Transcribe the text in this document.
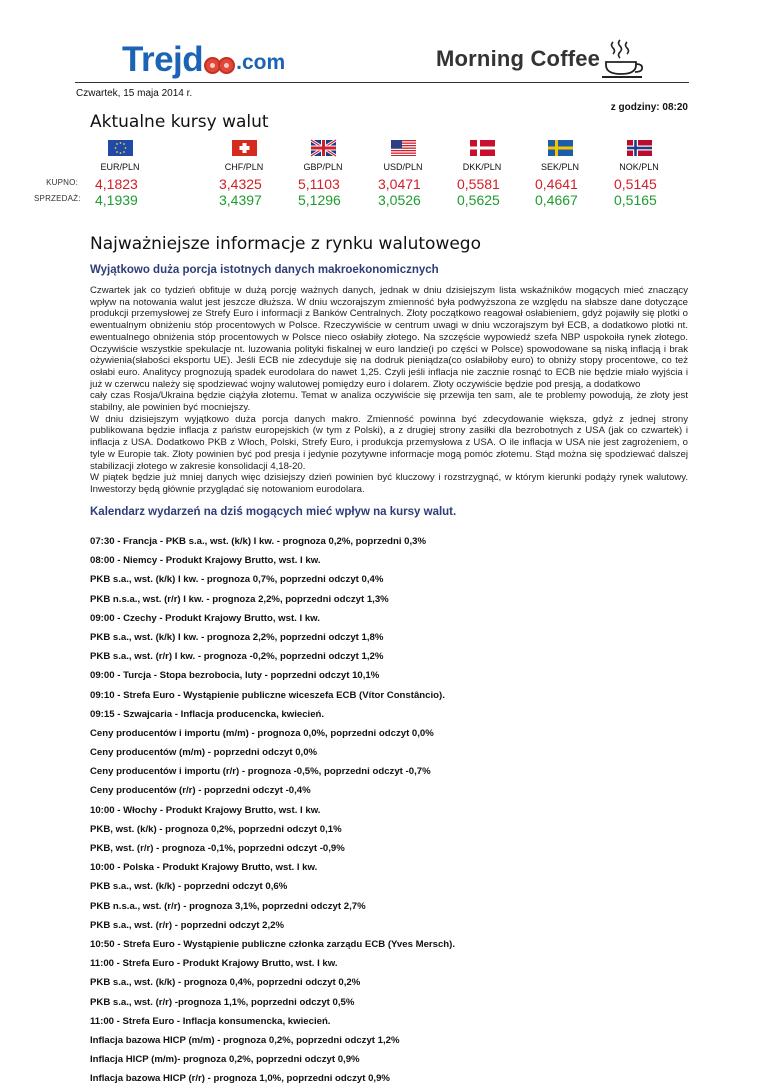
Trejd .com	Morning Coffee
Czwartek, 15 maja 2014 r.
z godziny: 08:20
Aktualne kursy walut
KUPNO:
SPRZEDAŻ:
EUR/PLN
4,1823
4,1939
CHF/PLN
3,4325
3,4397
GBP/PLN
5,1103
5,1296
USD/PLN
3,0471
3,0526
DKK/PLN
0,5581
0,5625
SEK/PLN
0,4641
0,4667
NOK/PLN
0,5145
0,5165
Najważniejsze informacje z rynku walutowego
Wyjątkowo duża porcja istotnych danych makroekonomicznych

Czwartek jak co tydzień obfituje w dużą porcję ważnych danych, jednak w dniu dzisiejszym lista wskaźników mogących mieć znaczący wpływ na notowania walut jest jeszcze dłuższa. W dniu wczorajszym zmienność była podwyższona ze względu na słabsze dane dotyczące produkcji przemysłowej ze Strefy Euro i informacji z Banków Centralnych. Złoty początkowo reagował osłabieniem, gdyż pojawiły się plotki o ewentualnym obniżeniu stóp procentowych w Polsce. Rzeczywiście w centrum uwagi w dniu wczorajszym był ECB, a dodatkowo plotki nt. ewentualnego obniżenia stóp procentowych w Polsce nieco osłabiły złotego. Na szczęście wypowiedź szefa NBP uspokoiła rynek złotego. Oczywiście wszystkie spekulacje nt. luzowania polityki fiskalnej w euro landzie(i po części w Polsce) spowodowane są niską inflacją i brak ożywienia(słabości eksportu UE). Jeśli ECB nie zdecyduje się na dodruk pieniądza(co osłabiłoby euro) to obniży stopy procentowe, co też osłabi euro. Analitycy prognozują spadek eurodolara do nawet 1,25. Czyli jeśli inflacja nie zacznie rosnąć to ECB nie będzie miało wyjścia i już w czerwcu należy się spodziewać wojny walutowej pomiędzy euro i dolarem. Złoty oczywiście będzie pod presją, a dodatkowo

cały czas Rosja/Ukraina będzie ciążyła złotemu. Temat w analiza oczywiście się przewija ten sam, ale te problemy powodują, że złoty jest stabilny, ale powinien być mocniejszy.

W dniu dzisiejszym wyjątkowo duża porcja danych makro. Zmienność powinna być zdecydowanie większa, gdyż z jednej strony publikowana będzie inflacja z państw europejskich (w tym z Polski), a z drugiej strony zasiłki dla bezrobotnych z USA (jak co czwartek) i inflacja z USA. Dodatkowo PKB z Włoch, Polski, Strefy Euro, i produkcja przemysłowa z USA. O ile inflacja w USA nie jest zagrożeniem, o tyle w Europie tak. Złoty powinien być pod presja i jedynie pozytywne informacje mogą pomóc złotemu. Stąd można się spodziewać dalszej stabilizacji złotego w zakresie konsolidacji 4,18-20.

W piątek będzie już mniej danych więc dzisiejszy dzień powinien być kluczowy i rozstrzygnąć, w którym kierunki podąży rynek walutowy. Inwestorzy będą głównie przyglądać się notowaniom eurodolara.

Kalendarz wydarzeń na dziś mogących mieć wpływ na kursy walut.
07:30 - Francja - PKB s.a., wst. (k/k) I kw. - prognoza 0,2%, poprzedni 0,3%
08:00 - Niemcy - Produkt Krajowy Brutto, wst. I kw.
PKB s.a., wst. (k/k) I kw. - prognoza 0,7%, poprzedni odczyt 0,4%
PKB n.s.a., wst. (r/r) I kw. - prognoza 2,2%, poprzedni odczyt 1,3%
09:00 - Czechy - Produkt Krajowy Brutto, wst. I kw.
PKB s.a., wst. (k/k) I kw. - prognoza 2,2%, poprzedni odczyt 1,8%
PKB s.a., wst. (r/r) I kw. - prognoza -0,2%, poprzedni odczyt 1,2%
09:00 - Turcja - Stopa bezrobocia, luty - poprzedni odczyt 10,1%
09:10 - Strefa Euro - Wystąpienie publiczne wiceszefa ECB (Vítor Constâncio).
09:15 - Szwajcaria - Inflacja producencka, kwiecień.
Ceny producentów i importu (m/m) - prognoza 0,0%, poprzedni odczyt 0,0%
Ceny producentów (m/m) - poprzedni odczyt 0,0%
Ceny producentów i importu (r/r) - prognoza -0,5%, poprzedni odczyt -0,7%
Ceny producentów (r/r) - poprzedni odczyt -0,4%
10:00 - Włochy - Produkt Krajowy Brutto, wst. I kw.
PKB, wst. (k/k) - prognoza 0,2%, poprzedni odczyt 0,1%
PKB, wst. (r/r) - prognoza -0,1%, poprzedni odczyt -0,9%
10:00 - Polska - Produkt Krajowy Brutto, wst. I kw.
PKB s.a., wst. (k/k) - poprzedni odczyt 0,6%
PKB n.s.a., wst. (r/r) - prognoza 3,1%, poprzedni odczyt 2,7%
PKB s.a., wst. (r/r) - poprzedni odczyt 2,2%
10:50 - Strefa Euro - Wystąpienie publiczne członka zarządu ECB (Yves Mersch).
11:00 - Strefa Euro - Produkt Krajowy Brutto, wst. I kw.
PKB s.a., wst. (k/k) - prognoza 0,4%, poprzedni odczyt 0,2%
PKB s.a., wst. (r/r) -prognoza 1,1%, poprzedni odczyt 0,5%
11:00 - Strefa Euro - Inflacja konsumencka, kwiecień.
Inflacja bazowa HICP (m/m) - prognoza 0,2%, poprzedni odczyt 1,2%
Inflacja HICP (m/m)- prognoza 0,2%, poprzedni odczyt 0,9%
Inflacja bazowa HICP (r/r) - prognoza 1,0%, poprzedni odczyt 0,9%
